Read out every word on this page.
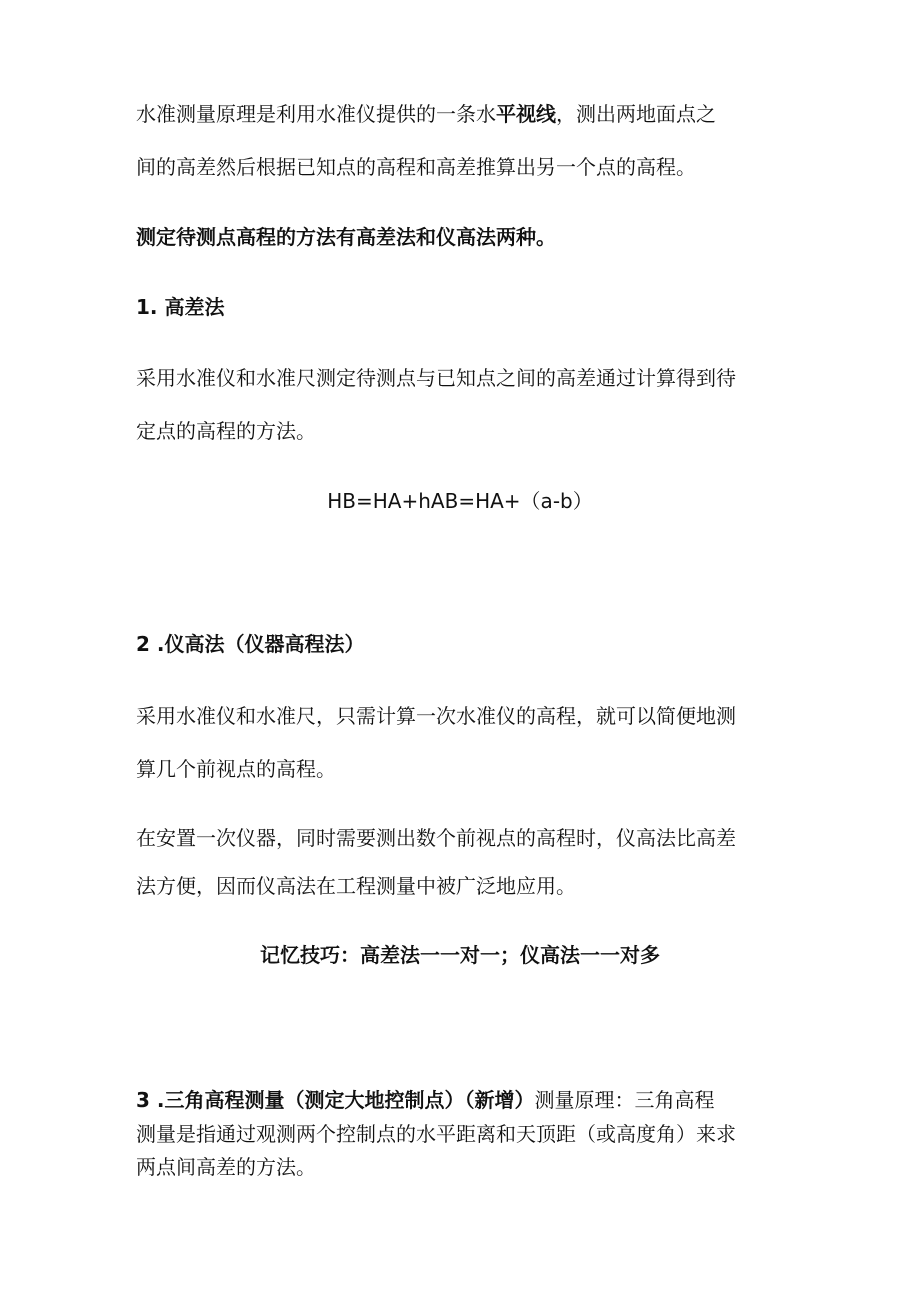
水准测量原理是利用水准仪提供的一条水平视线，测出两地面点之
间的高差然后根据已知点的高程和高差推算出另一个点的高程。
测定待测点高程的方法有高差法和仪高法两种。
1. 高差法
采用水准仪和水准尺测定待测点与已知点之间的高差通过计算得到待
定点的高程的方法。
HB=HA+hAB=HA+（a-b）
2 .仪高法（仪器高程法）
采用水准仪和水准尺，只需计算一次水准仪的高程，就可以简便地测
算几个前视点的高程。
在安置一次仪器，同时需要测出数个前视点的高程时，仪高法比高差
法方便，因而仪高法在工程测量中被广泛地应用。
记忆技巧：高差法一一对一；仪高法一一对多
3 .三角高程测量（测定大地控制点）（新增）测量原理：三角高程
测量是指通过观测两个控制点的水平距离和天顶距（或高度角）来求
两点间高差的方法。
